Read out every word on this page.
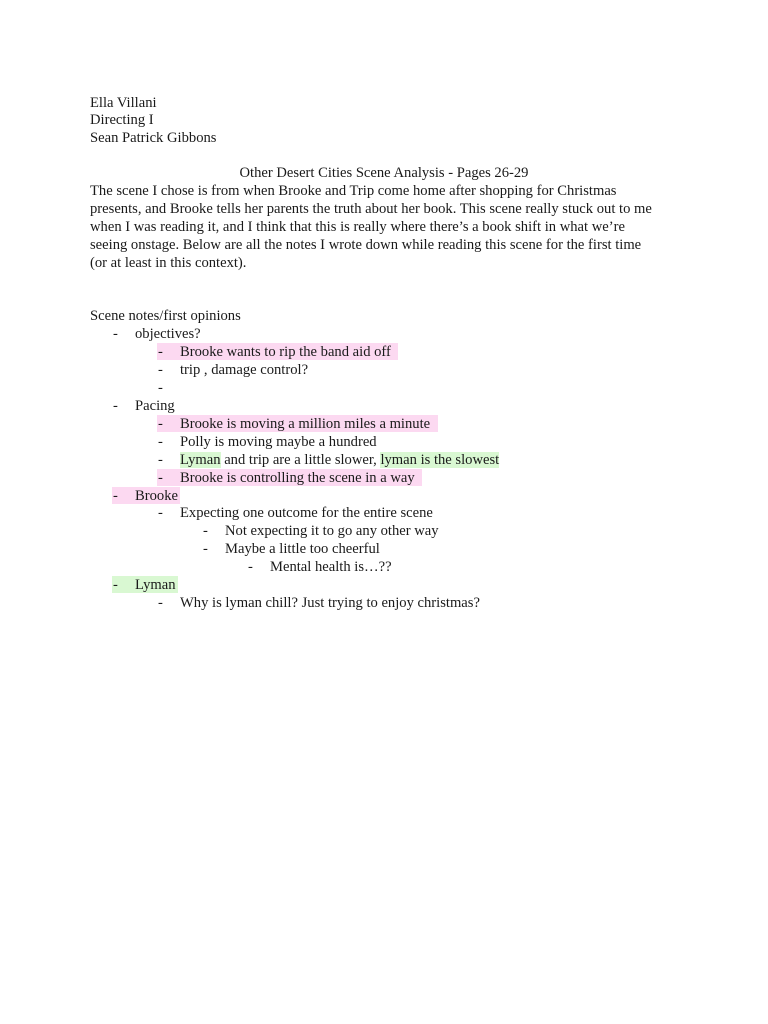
Ella Villani
Directing I
Sean Patrick Gibbons
Other Desert Cities Scene Analysis - Pages 26-29
The scene I chose is from when Brooke and Trip come home after shopping for Christmas
presents, and Brooke tells her parents the truth about her book. This scene really stuck out to me
when I was reading it, and I think that this is really where there’s a book shift in what we’re
seeing onstage. Below are all the notes I wrote down while reading this scene for the first time
(or at least in this context).
Scene notes/first opinions
- objectives?
- Brooke wants to rip the band aid off
- trip , damage control?
-
- Pacing
- Brooke is moving a million miles a minute
- Polly is moving maybe a hundred
- Lyman and trip are a little slower, lyman is the slowest
- Brooke is controlling the scene in a way
- Brooke
- Expecting one outcome for the entire scene
- Not expecting it to go any other way
- Maybe a little too cheerful
- Mental health is…??
- Lyman
- Why is lyman chill? Just trying to enjoy christmas?
